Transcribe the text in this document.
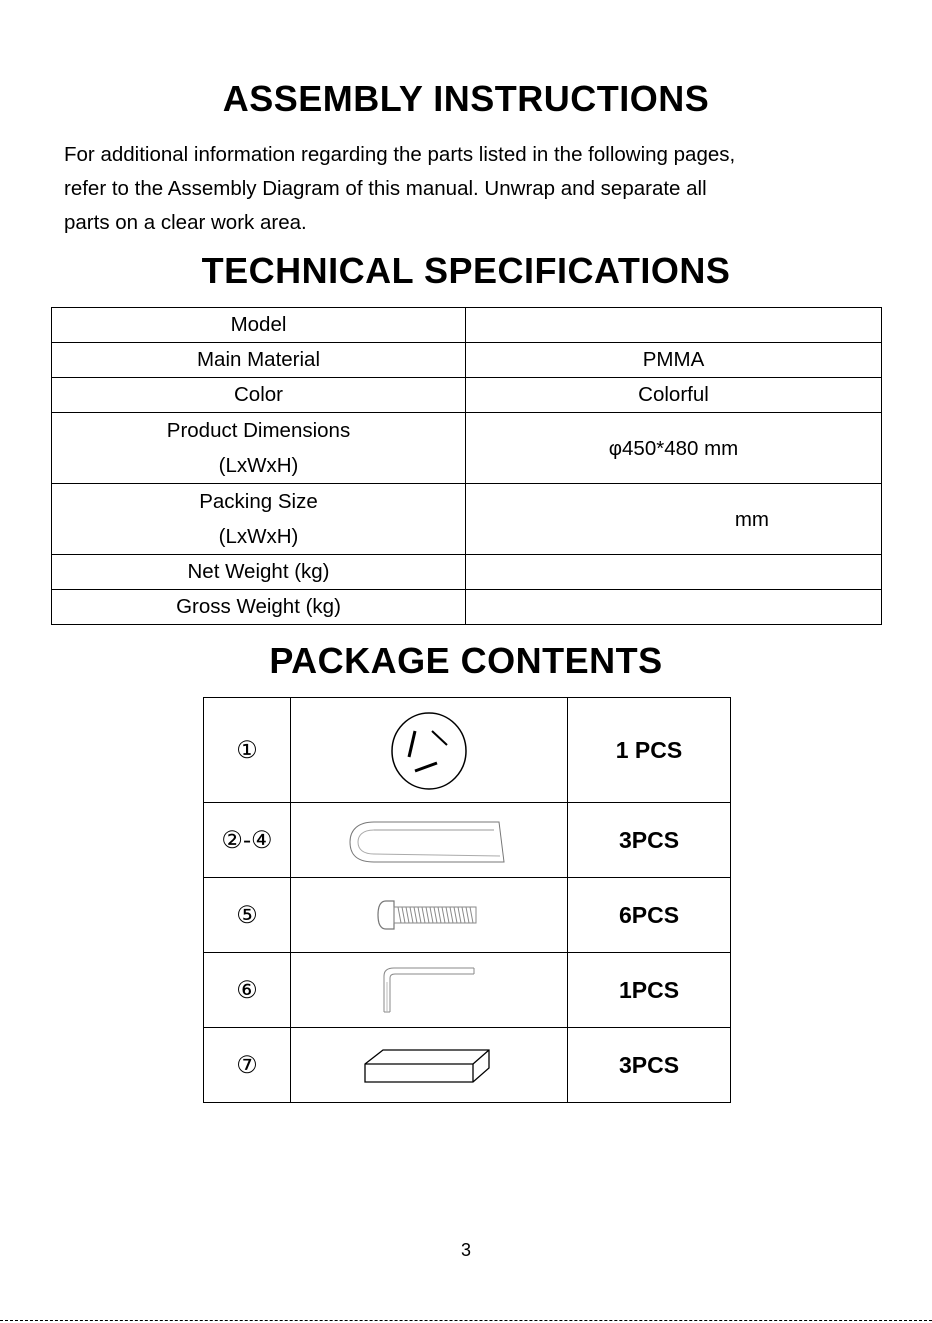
ASSEMBLY INSTRUCTIONS
For additional information regarding the parts listed in the following pages,
refer to the Assembly Diagram of this manual. Unwrap and separate all
parts on a clear work area.
TECHNICAL SPECIFICATIONS
Model	
Main Material	PMMA
Color	Colorful

Product Dimensions
(LxWxH)	φ450*480 mm

Packing Size
(LxWxH)	mm

Net Weight (kg)	
Gross Weight (kg)	
PACKAGE CONTENTS
①		1 PCS
②-④		3PCS
⑤		6PCS
⑥		1PCS
⑦		3PCS
3
